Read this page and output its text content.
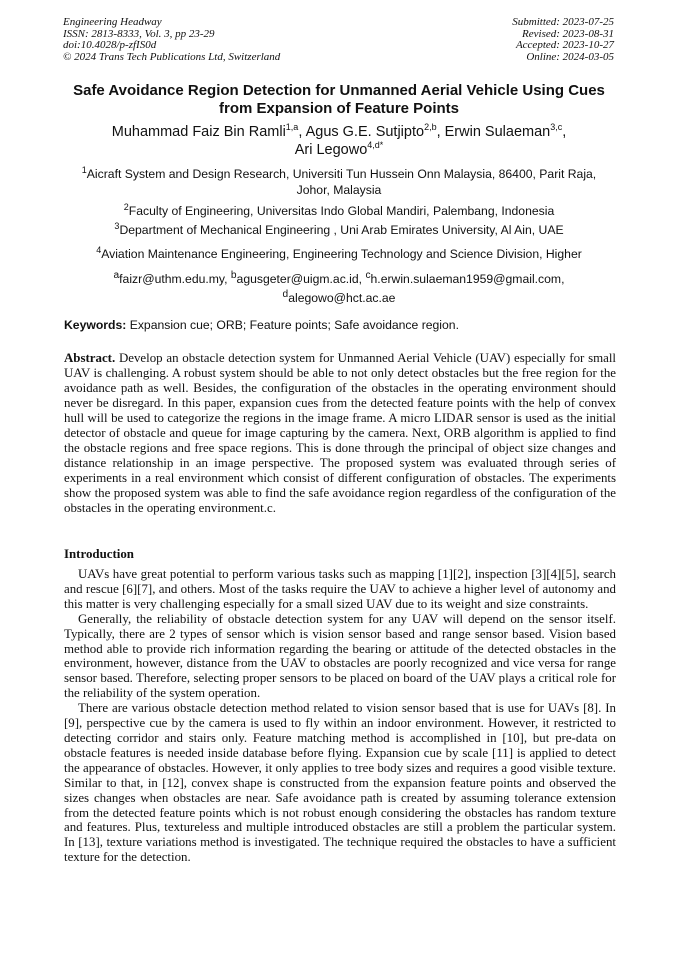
Engineering Headway
ISSN: 2813-8333, Vol. 3, pp 23-29
doi:10.4028/p-zfIS0d
© 2024 Trans Tech Publications Ltd, Switzerland
Submitted: 2023-07-25
Revised: 2023-08-31
Accepted: 2023-10-27
Online: 2024-03-05
Safe Avoidance Region Detection for Unmanned Aerial Vehicle Using Cues from Expansion of Feature Points
Muhammad Faiz Bin Ramli$^{1,a}$, Agus G.E. Sutjipto$^{2,b}$, Erwin Sulaeman$^{3,c}$,
Ari Legowo$^{4,d*}$
$^1$Aicraft System and Design Research, Universiti Tun Hussein Onn Malaysia, 86400, Parit Raja, Johor, Malaysia
$^2$Faculty of Engineering, Universitas Indo Global Mandiri, Palembang, Indonesia
$^3$Department of Mechanical Engineering , Uni Arab Emirates University, Al Ain, UAE
$^4$Aviation Maintenance Engineering, Engineering Technology and Science Division, Higher
$^a$faizr@uthm.edu.my, $^b$agusgeter@uigm.ac.id, $^c$h.erwin.sulaeman1959@gmail.com,
$^d$alegowo@hct.ac.ae
Keywords: Expansion cue; ORB; Feature points; Safe avoidance region.
Abstract. Develop an obstacle detection system for Unmanned Aerial Vehicle (UAV) especially for small UAV is challenging. A robust system should be able to not only detect obstacles but the free region for the avoidance path as well. Besides, the configuration of the obstacles in the operating environment should never be disregard. In this paper, expansion cues from the detected feature points with the help of convex hull will be used to categorize the regions in the image frame. A micro LIDAR sensor is used as the initial detector of obstacle and queue for image capturing by the camera. Next, ORB algorithm is applied to find the obstacle regions and free space regions. This is done through the principal of object size changes and distance relationship in an image perspective. The proposed system was evaluated through series of experiments in a real environment which consist of different configuration of obstacles. The experiments show the proposed system was able to find the safe avoidance region regardless of the configuration of the obstacles in the operating environment.c.
Introduction

UAVs have great potential to perform various tasks such as mapping [1][2], inspection [3][4][5], search and rescue [6][7], and others. Most of the tasks require the UAV to achieve a higher level of autonomy and this matter is very challenging especially for a small sized UAV due to its weight and size constraints.

Generally, the reliability of obstacle detection system for any UAV will depend on the sensor itself. Typically, there are 2 types of sensor which is vision sensor based and range sensor based. Vision based method able to provide rich information regarding the bearing or attitude of the detected obstacles in the environment, however, distance from the UAV to obstacles are poorly recognized and vice versa for range sensor based. Therefore, selecting proper sensors to be placed on board of the UAV plays a critical role for the reliability of the system operation.

There are various obstacle detection method related to vision sensor based that is use for UAVs [8]. In [9], perspective cue by the camera is used to fly within an indoor environment. However, it restricted to detecting corridor and stairs only. Feature matching method is accomplished in [10], but pre-data on obstacle features is needed inside database before flying. Expansion cue by scale [11] is applied to detect the appearance of obstacles. However, it only applies to tree body sizes and requires a good visible texture. Similar to that, in [12], convex shape is constructed from the expansion feature points and observed the sizes changes when obstacles are near. Safe avoidance path is created by assuming tolerance extension from the detected feature points which is not robust enough considering the obstacles has random texture and features. Plus, textureless and multiple introduced obstacles are still a problem the particular system. In [13], texture variations method is investigated. The technique required the obstacles to have a sufficient texture for the detection.
